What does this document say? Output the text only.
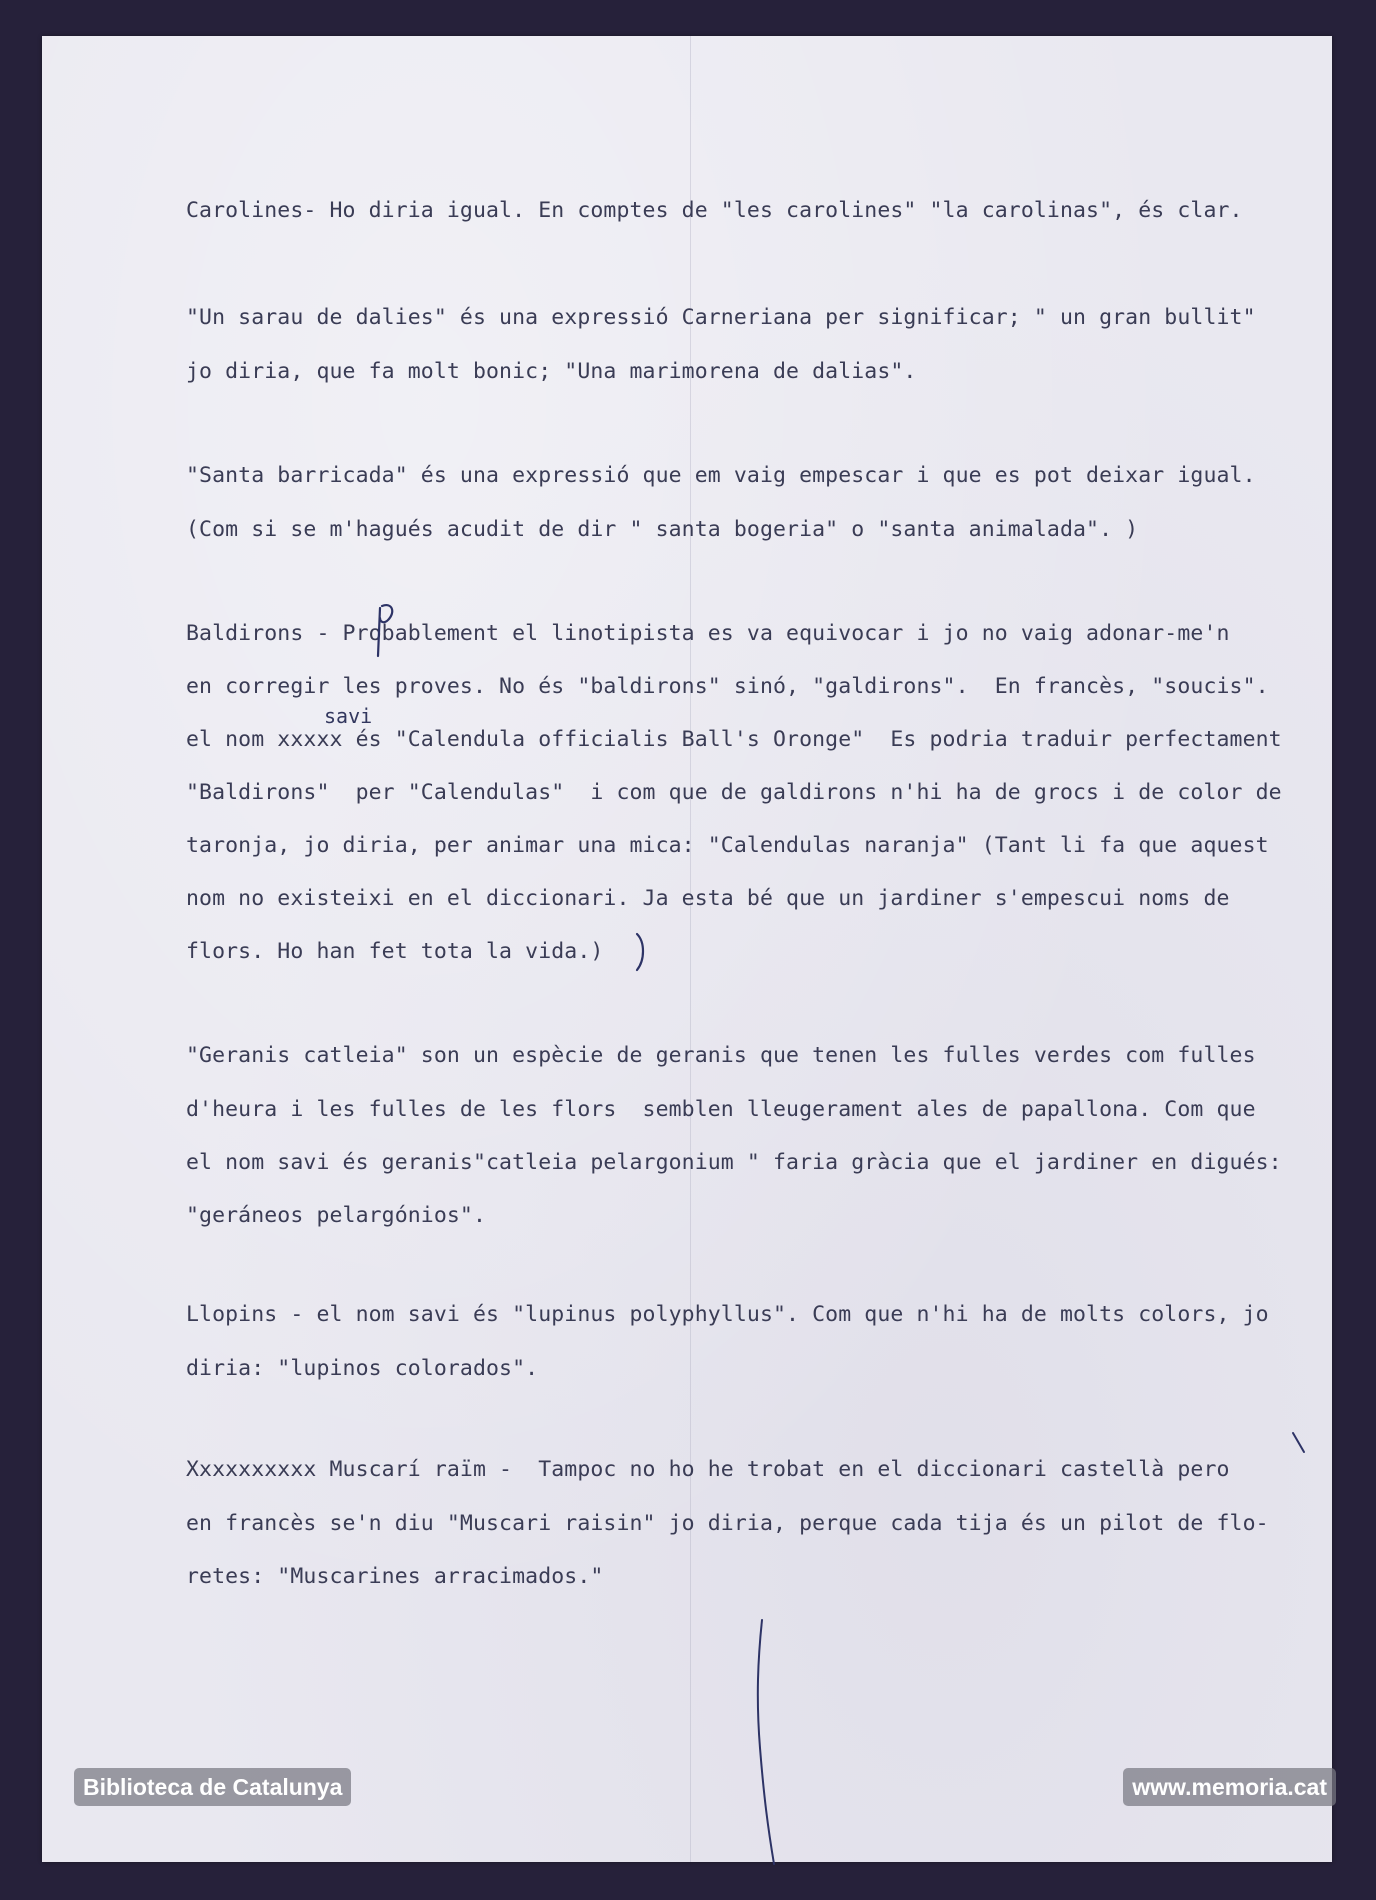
Carolines- Ho diria igual. En comptes de "les carolines" "la carolinas", és clar.
"Un sarau de dalies" és una expressió Carneriana per significar; " un gran bullit"
jo diria, que fa molt bonic; "Una marimorena de dalias".
"Santa barricada" és una expressió que em vaig empescar i que es pot deixar igual.
(Com si se m'hagués acudit de dir " santa bogeria" o "santa animalada". )
Baldirons - Probablement el linotipista es va equivocar i jo no vaig adonar-me'n
en corregir les proves. No és "baldirons" sinó, "galdirons".  En francès, "soucis".
el nom xxxxx és "Calendula officialis Ball's Oronge"  Es podria traduir perfectament
"Baldirons"  per "Calendulas"  i com que de galdirons n'hi ha de grocs i de color de
taronja, jo diria, per animar una mica: "Calendulas naranja" (Tant li fa que aquest
nom no existeixi en el diccionari. Ja esta bé que un jardiner s'empescui noms de
flors. Ho han fet tota la vida.)
"Geranis catleia" son un espècie de geranis que tenen les fulles verdes com fulles
d'heura i les fulles de les flors  semblen lleugerament ales de papallona. Com que
el nom savi és geranis"catleia pelargonium " faria gràcia que el jardiner en digués:
"geráneos pelargónios".
Llopins - el nom savi és "lupinus polyphyllus". Com que n'hi ha de molts colors, jo
diria: "lupinos colorados".
Xxxxxxxxxx Muscarí raïm -  Tampoc no ho he trobat en el diccionari castellà pero
en francès se'n diu "Muscari raisin" jo diria, perque cada tija és un pilot de flo-
retes: "Muscarines arracimados."
savi
Biblioteca de Catalunya	www.memoria.cat
